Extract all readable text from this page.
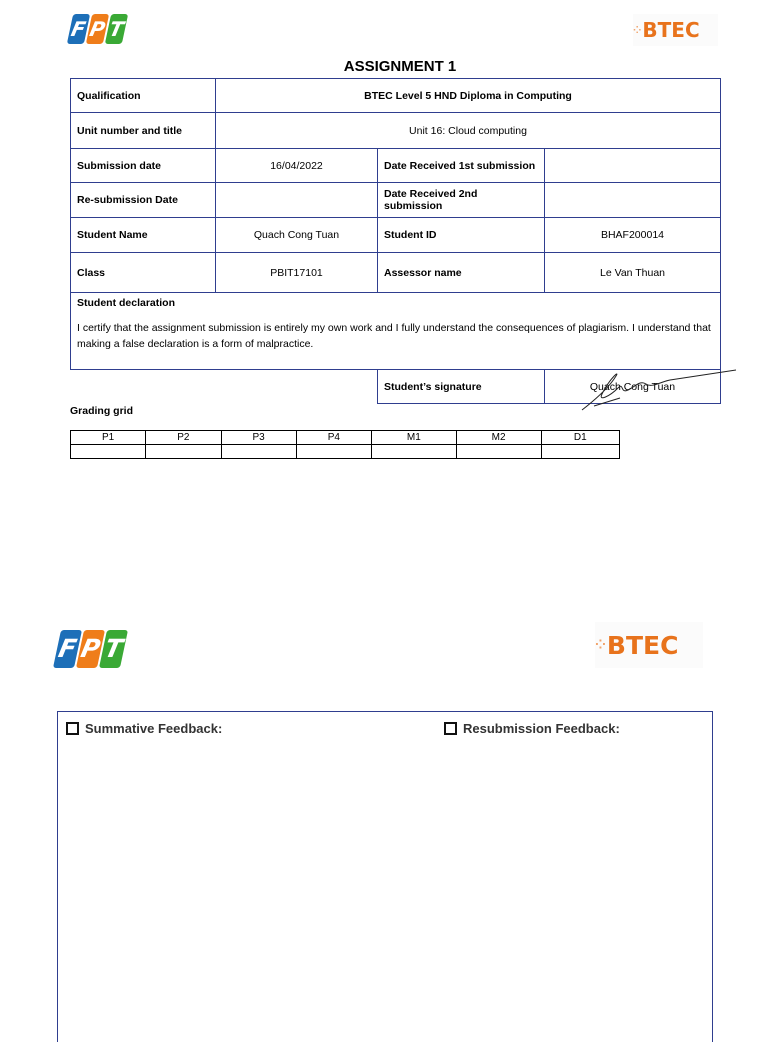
F P T	⁘ BTEC
ASSIGNMENT 1
Qualification	BTEC Level 5 HND Diploma in Computing		
Unit number and title	Unit 16: Cloud computing		
Submission date	16/04/2022	Date Received 1st submission	
Re-submission Date		Date Received 2nd submission	
Student Name	Quach Cong Tuan	Student ID	BHAF200014
Class	PBIT17101	Assessor name	Le Van Thuan

Student declaration
I certify that the assignment submission is entirely my own work and I fully understand the consequences of plagiarism. I understand that making a false declaration is a form of malpractice.			

		Student’s signature	Quach Cong Tuan
Grading grid
P1	P2	P3	P4	M1	M2	D1

F P T	⁘ BTEC
Summative Feedback:	Resubmission Feedback:
